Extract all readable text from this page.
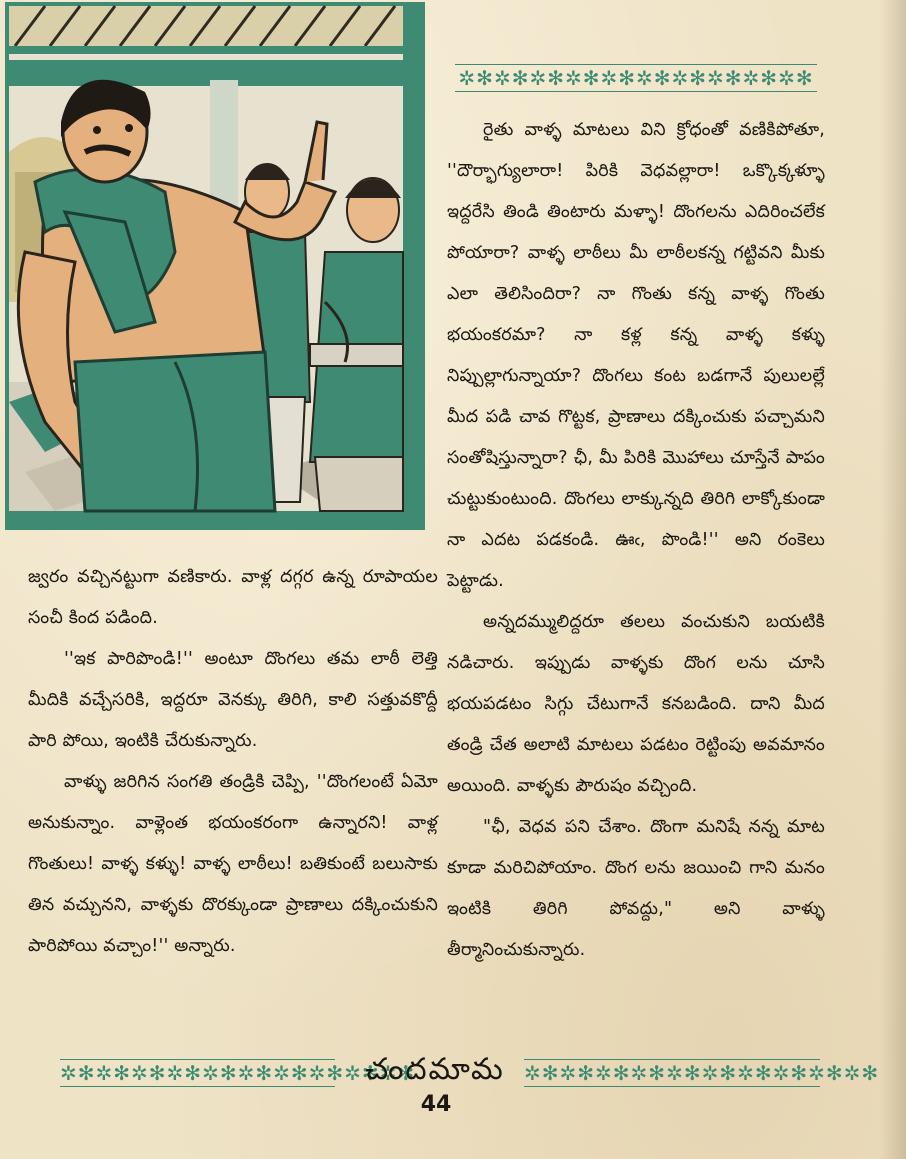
✲✻✲✻✲✻✲✻✲✻✲✻✲✻✲✻✲✻✲✻

రైతు వాళ్ళ మాటలు విని క్రోధంతో వణికిపోతూ, ''దౌర్భాగ్యులారా! పిరికి వెధవల్లారా! ఒక్కొక్కళ్ళూ ఇద్దరేసి తిండి తింటారు మళ్ళా! దొంగలను ఎదిరించలేక పోయారా? వాళ్ళ లాఠీలు మీ లాఠీలకన్న గట్టివని మీకు ఎలా తెలిసిందిరా? నా గొంతు కన్న వాళ్ళ గొంతు భయంకరమా? నా కళ్ల కన్న వాళ్ళ కళ్ళు నిప్పుల్లాగున్నాయా? దొంగలు కంట బడగానే పులులల్లే మీద పడి చావ గొట్టక, ప్రాణాలు దక్కించుకు పచ్చామని సంతోషిస్తున్నారా? ఛీ, మీ పిరికి మొహాలు చూస్తేనే పాపం చుట్టుకుంటుంది. దొంగలు లాక్కున్నది తిరిగి లాక్కోకుండా నా ఎదట పడకండి. ఊఁ, పొండి!'' అని రంకెలు పెట్టాడు.

అన్నదమ్ములిద్దరూ తలలు వంచుకుని బయటికి నడిచారు. ఇప్పుడు వాళ్ళకు దొంగ లను చూసి భయపడటం సిగ్గు చేటుగానే కనబడింది. దాని మీద తండ్రి చేత అలాటి మాటలు పడటం రెట్టింపు అవమానం అయింది. వాళ్ళకు పౌరుషం వచ్చింది.

"ఛీ, వెధవ పని చేశాం. దొంగా మనిషే నన్న మాట కూడా మరిచిపోయాం. దొంగ లను జయించి గాని మనం ఇంటికి తిరిగి పోవద్దు," అని వాళ్ళు తీర్మానించుకున్నారు.

జ్వరం వచ్చినట్టుగా వణికారు. వాళ్ల దగ్గర ఉన్న రూపాయల సంచీ కింద పడింది.

''ఇక పారిపొండి!'' అంటూ దొంగలు తమ లాఠీ లెత్తి మీదికి వచ్చేసరికి, ఇద్దరూ వెనక్కు తిరిగి, కాలి సత్తువకొద్దీ పారి పోయి, ఇంటికి చేరుకున్నారు.

వాళ్ళు జరిగిన సంగతి తండ్రికి చెప్పి, ''దొంగలంటే ఏమో అనుకున్నాం. వాళ్లెంత భయంకరంగా ఉన్నారని! వాళ్ల గొంతులు! వాళ్ళ కళ్ళు! వాళ్ళ లాఠీలు! బతికుంటే బలుసాకు తిన వచ్చునని, వాళ్ళకు దొరక్కుండా ప్రాణాలు దక్కించుకుని పారిపోయి వచ్చాం!'' అన్నారు.

✲✻✲✻✲✻✲✻✲✻✲✻✲✻✲✻✲✻✲✻
చందమామ ✲✻✲✻✲✻✲✻✲✻✲✻✲✻✲✻✲✻✲✻
44
